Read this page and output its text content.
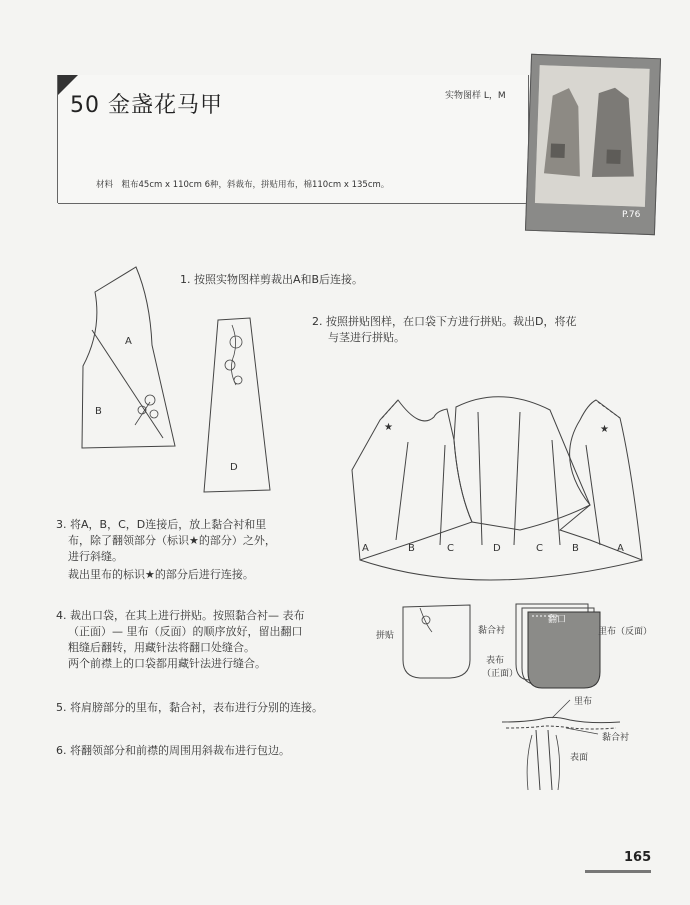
50 金盏花马甲	实物图样 L，M
材料　粗布45cm x 110cm 6种，斜裁布，拼贴用布，棉110cm x 135cm。
P.76
1. 按照实物图样剪裁出A和B后连接。
2. 按照拼贴图样，在口袋下方进行拼贴。裁出D，将花
与茎进行拼贴。
3. 将A，B，C，D连接后，放上黏合衬和里
布，除了翻领部分（标识★的部分）之外，
进行斜缝。
裁出里布的标识★的部分后进行连接。
4. 裁出口袋，在其上进行拼贴。按照黏合衬— 表布
（正面）— 里布（反面）的顺序放好，留出翻口
粗缝后翻转，用藏针法将翻口处缝合。
两个前襟上的口袋都用藏针法进行缝合。
5. 将肩膀部分的里布，黏合衬，表布进行分别的连接。
6. 将翻领部分和前襟的周围用斜裁布进行包边。
★	★
A
B
D
A	B	C	D	C	B	A
拼贴	黏合衬
翻口
里布（反面）
表布
（正面）
里布
黏合衬
表面
165
